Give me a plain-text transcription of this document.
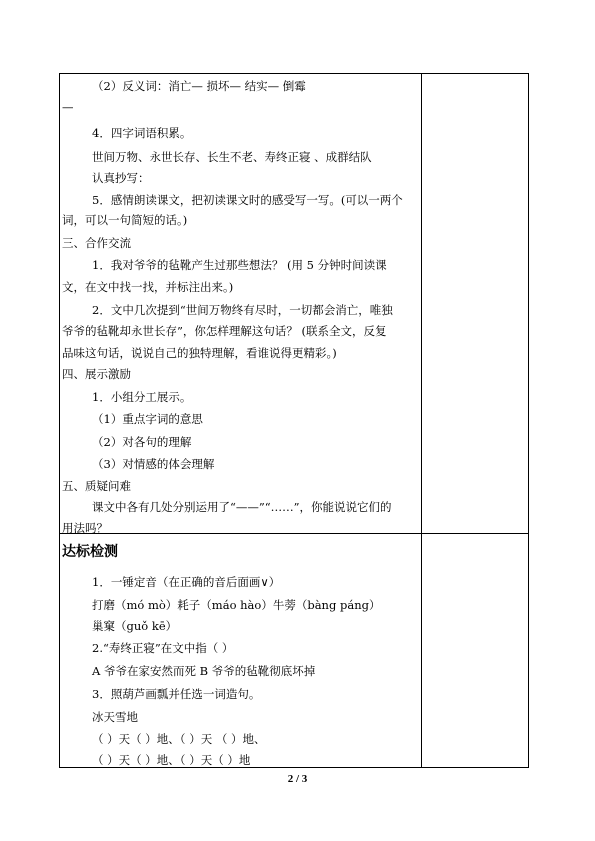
（2）反义词：消亡— 损坏— 结实— 倒霉
—
4．四字词语积累。
世间万物、永世长存、长生不老、寿终正寝 、成群结队
认真抄写：
5．感情朗读课文，把初读课文时的感受写一写。(可以一两个
词，可以一句简短的话。)
三、合作交流
1．我对爷爷的毡靴产生过那些想法？ (用 5 分钟时间读课
文，在文中找一找，并标注出来。)
2．文中几次提到“世间万物终有尽时，一切都会消亡，唯独
爷爷的毡靴却永世长存”，你怎样理解这句话？ (联系全文，反复
品味这句话，说说自己的独特理解，看谁说得更精彩。)
四、展示激励
1．小组分工展示。
（1）重点字词的意思
（2）对各句的理解
（3）对情感的体会理解
五、质疑问难
课文中各有几处分别运用了“——”“……”，你能说说它们的
用法吗？
达标检测
1．一锤定音（在正确的音后面画∨）
打磨（mó mò）耗子（máo hào）牛蒡（bàng páng）
巢窠（guǒ kē）
2.“寿终正寝”在文中指（ ）
A 爷爷在家安然而死 B 爷爷的毡靴彻底坏掉
3．照葫芦画瓢并任选一词造句。
冰天雪地
（ ）天（ ）地、（ ）天 （ ）地、
（ ）天（ ）地、（ ）天（ ）地
2 / 3
